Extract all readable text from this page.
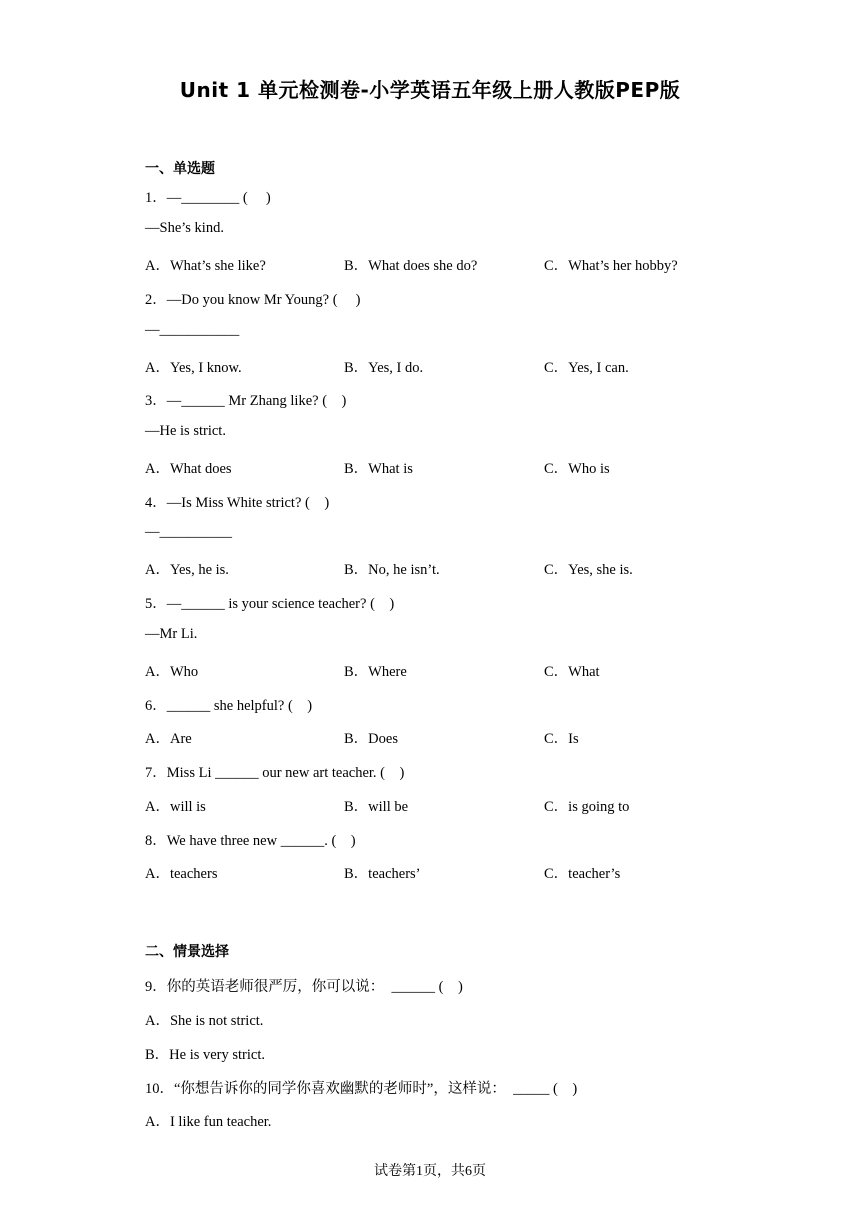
Unit 1 单元检测卷-小学英语五年级上册人教版PEP版
一、单选题
1．—________ (     )
—She’s kind.
A．What’s she like?	B．What does she do?	C．What’s her hobby?
2．—Do you know Mr Young? (     )
—___________
A．Yes, I know.	B．Yes, I do.	C．Yes, I can.
3．—______ Mr Zhang like? (    )
—He is strict.
A．What does	B．What is	C．Who is
4．—Is Miss White strict? (    )
—__________
A．Yes, he is.	B．No, he isn’t.	C．Yes, she is.
5．—______ is your science teacher? (    )
—Mr Li.
A．Who	B．Where	C．What
6．______ she helpful? (    )
A．Are	B．Does	C．Is
7．Miss Li ______ our new art teacher. (    )
A．will is	B．will be	C．is going to
8．We have three new ______. (    )
A．teachers	B．teachers’	C．teacher’s
二、情景选择
9．你的英语老师很严厉，你可以说：  ______ (    )
A．She is not strict.
B．He is very strict.
10．“你想告诉你的同学你喜欢幽默的老师时”，这样说：  _____ (    )
A．I like fun teacher.
试卷第1页，共6页
